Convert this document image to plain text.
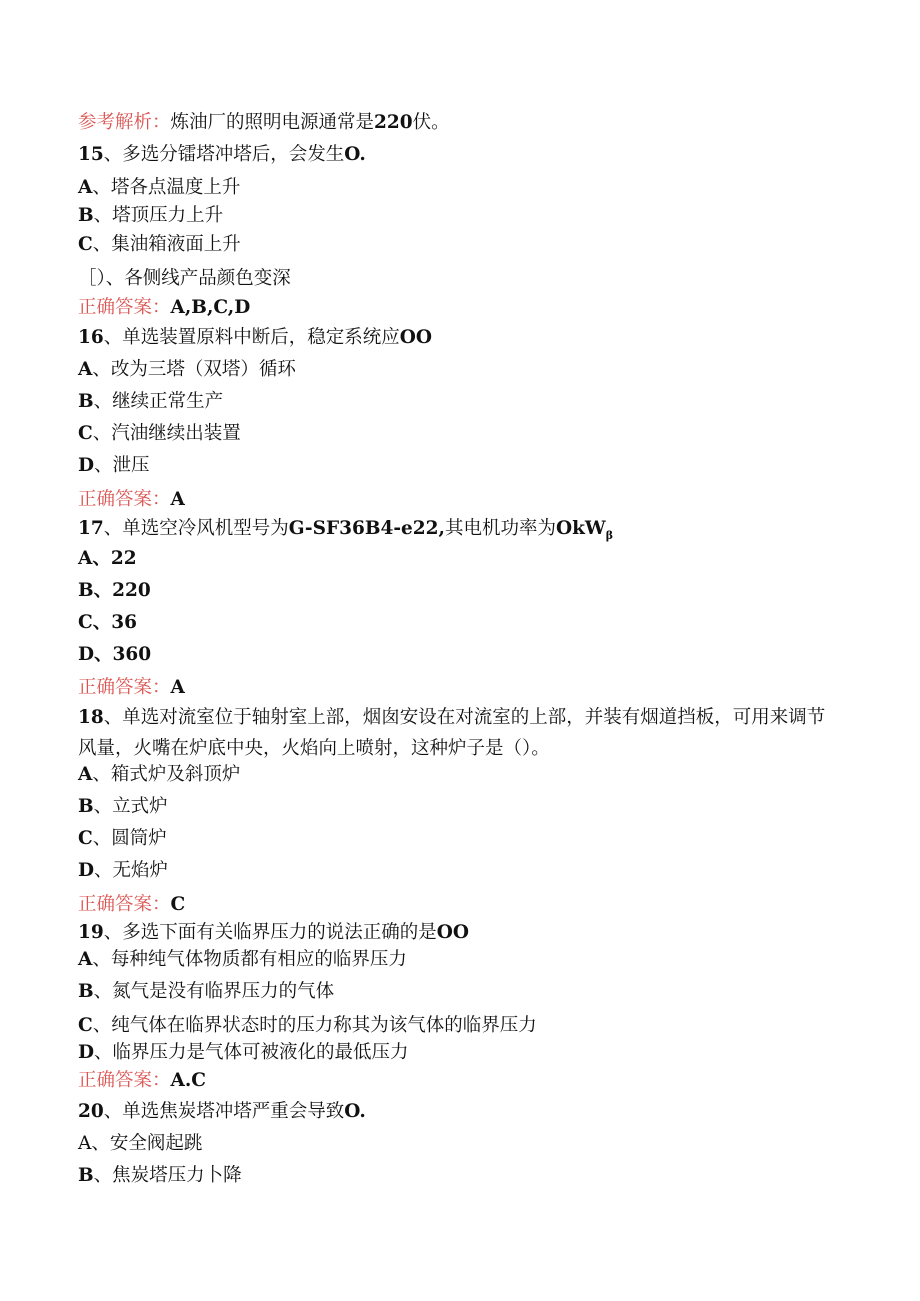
参考解析：炼油厂的照明电源通常是220伏。
15、多选分镭塔冲塔后，会发生O.
A、塔各点温度上升
B、塔顶压力上升
C、集油箱液面上升
［）、各侧线产品颜色变深
正确答案：A,B,C,D
16、单选装置原料中断后，稳定系统应OO
A、改为三塔（双塔）循环
B、继续正常生产
C、汽油继续出装置
D、泄压
正确答案：A
17、单选空冷风机型号为G-SF36B4-e22,其电机功率为OkW$_\beta$
A、22
B、220
C、36
D、360
正确答案：A
18、单选对流室位于轴射室上部，烟囱安设在对流室的上部，并装有烟道挡板，可用来调节风量，火嘴在炉底中央，火焰向上喷射，这种炉子是（）。
A、箱式炉及斜顶炉
B、立式炉
C、圆筒炉
D、无焰炉
正确答案：C
19、多选下面有关临界压力的说法正确的是OO
A、每种纯气体物质都有相应的临界压力
B、氮气是没有临界压力的气体
C、纯气体在临界状态时的压力称其为该气体的临界压力
D、临界压力是气体可被液化的最低压力
正确答案：A.C
20、单选焦炭塔冲塔严重会导致O.
A、安全阀起跳
B、焦炭塔压力卜降
